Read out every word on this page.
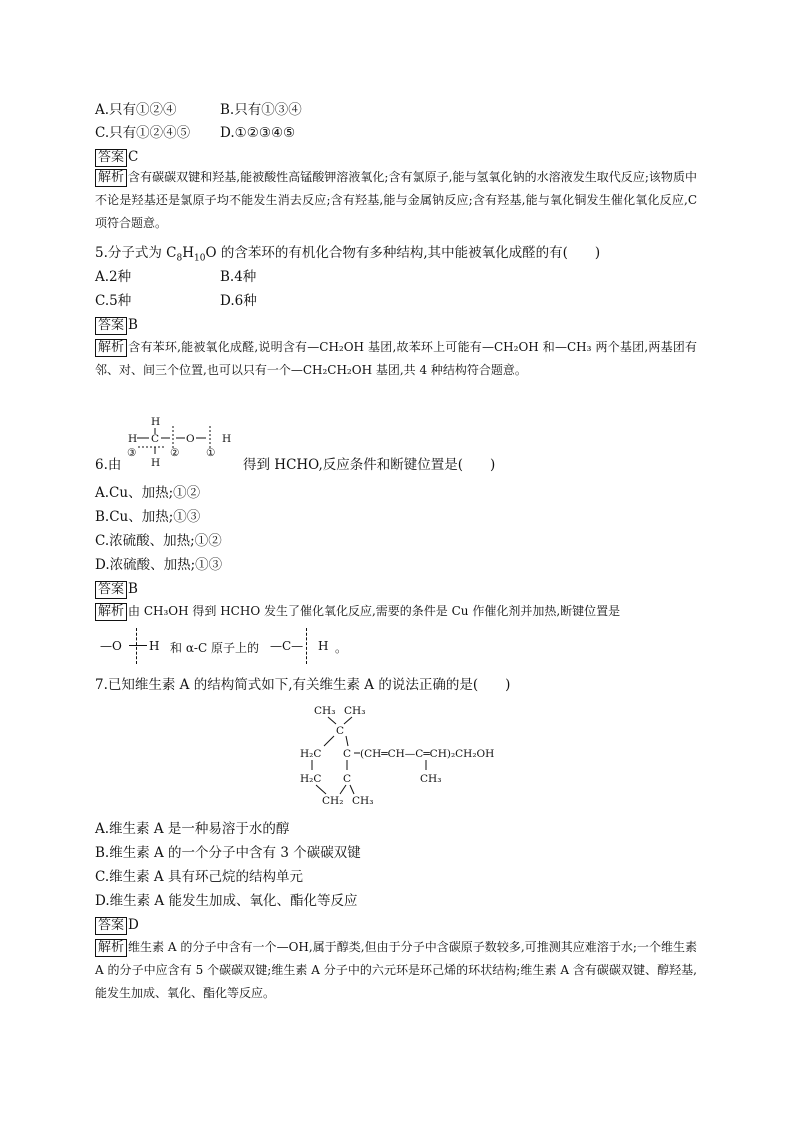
A.只有①②④	B.只有①③④
C.只有①②④⑤ D.①②③④⑤
答案 C
解析 含有碳碳双键和羟基,能被酸性高锰酸钾溶液氧化;含有氯原子,能与氢氧化钠的水溶液发生取代反应;该物质中不论是羟基还是氯原子均不能发生消去反应;含有羟基,能与金属钠反应;含有羟基,能与氧化铜发生催化氧化反应,C项符合题意。
5.分子式为 $C_8H_{10}O$ 的含苯环的有机化合物有多种结构,其中能被氧化成醛的有(　　)
A.2种	B.4种
C.5种	D.6种
答案 B
解析 含有苯环,能被氧化成醛,说明含有—CH₂OH 基团,故苯环上可能有—CH₂OH 和—CH₃ 两个基团,两基团有邻、对、间三个位置,也可以只有一个—CH₂CH₂OH 基团,共 4 种结构符合题意。
H
H C	O	H
③	②	①
H
6.由	得到 HCHO,反应条件和断键位置是(　　)
A.Cu、加热;①②
B.Cu、加热;①③
C.浓硫酸、加热;①②
D.浓硫酸、加热;①③
答案 B
解析 由 CH₃OH 得到 HCHO 发生了催化氧化反应,需要的条件是 Cu 作催化剂并加热,断键位置是
—O H 和 α-C 原子上的 —C— H 。
7.已知维生素 A 的结构简式如下,有关维生素 A 的说法正确的是(　　)
CH₃ CH₃
C
H₂C C (CH═CH—C═CH)₂CH₂OH
CH₃
H₂C C
CH₂ CH₃
A.维生素 A 是一种易溶于水的醇
B.维生素 A 的一个分子中含有 3 个碳碳双键
C.维生素 A 具有环己烷的结构单元
D.维生素 A 能发生加成、氧化、酯化等反应
答案 D
解析 维生素 A 的分子中含有一个—OH,属于醇类,但由于分子中含碳原子数较多,可推测其应难溶于水;一个维生素 A 的分子中应含有 5 个碳碳双键;维生素 A 分子中的六元环是环己烯的环状结构;维生素 A 含有碳碳双键、醇羟基,能发生加成、氧化、酯化等反应。
